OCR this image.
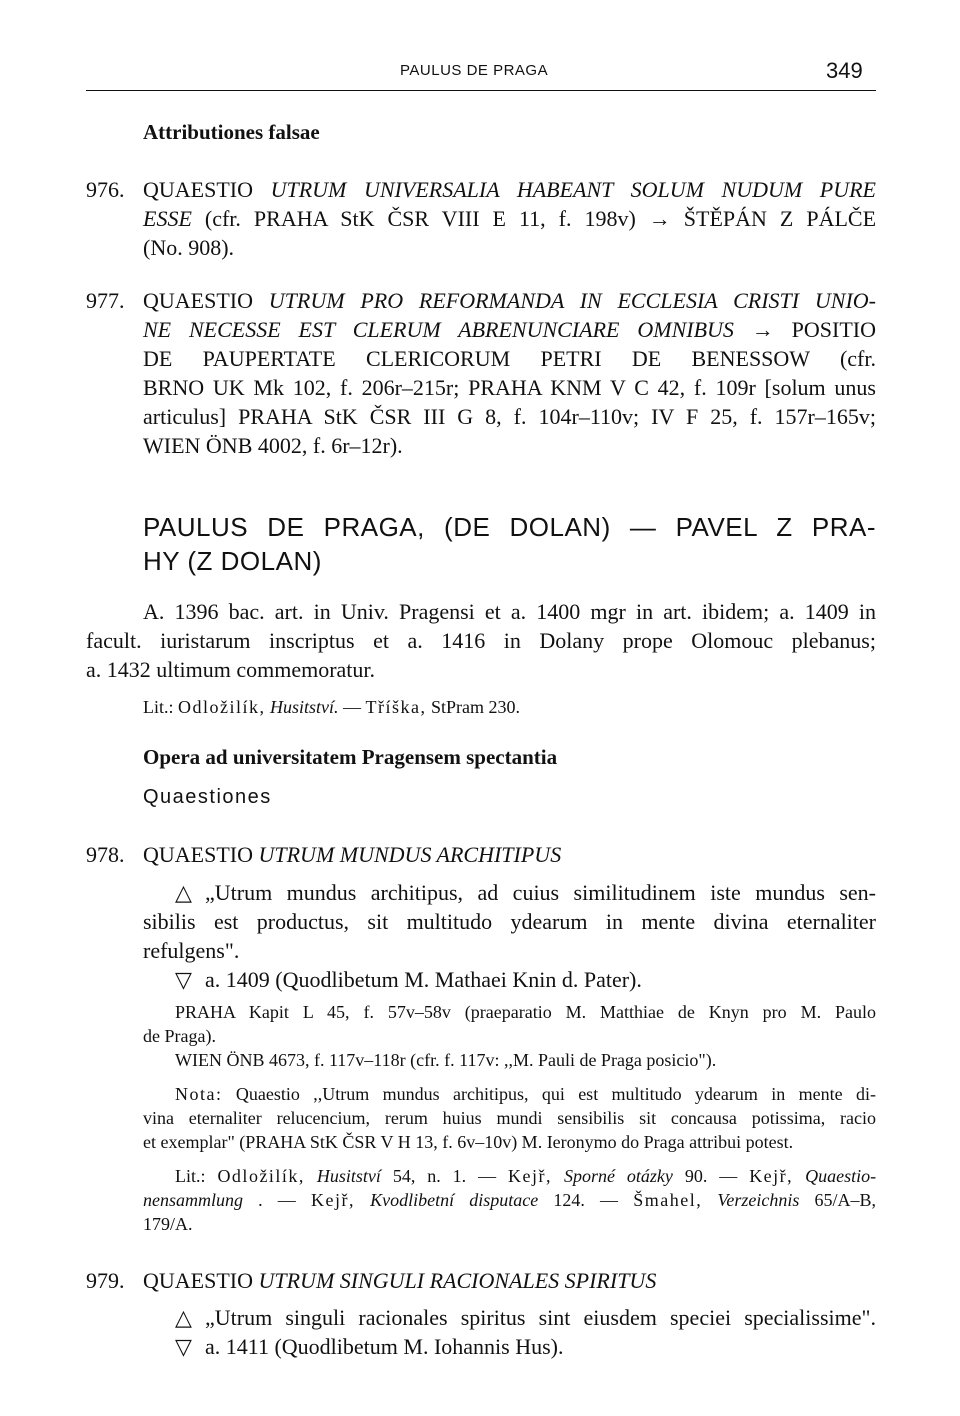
PAULUS DE PRAGA	349
Attributiones falsae
976. QUAESTIO UTRUM UNIVERSALIA HABEANT SOLUM NUDUM PURE
ESSE (cfr. PRAHA StK ČSR VIII E 11, f. 198v) → ŠTĚPÁN Z PÁLČE
(No. 908).
977. QUAESTIO UTRUM PRO REFORMANDA IN ECCLESIA CRISTI UNIO-
NE NECESSE EST CLERUM ABRENUNCIARE OMNIBUS → POSITIO
DE PAUPERTATE CLERICORUM PETRI DE BENESSOW (cfr.
BRNO UK Mk 102, f. 206r–215r; PRAHA KNM V C 42, f. 109r [solum unus
articulus] PRAHA StK ČSR III G 8, f. 104r–110v; IV F 25, f. 157r–165v;
WIEN ÖNB 4002, f. 6r–12r).
PAULUS DE PRAGA, (DE DOLAN) — PAVEL Z PRA-
HY (Z DOLAN)
A. 1396 bac. art. in Univ. Pragensi et a. 1400 mgr in art. ibidem; a. 1409 in
facult. iuristarum inscriptus et a. 1416 in Dolany prope Olomouc plebanus;
a. 1432 ultimum commemoratur.
Lit.: Odložilík, Husitství. — Tříška, StPram 230.
Opera ad universitatem Pragensem spectantia
Quaestiones
978. QUAESTIO UTRUM MUNDUS ARCHITIPUS
△ „Utrum mundus architipus, ad cuius similitudinem iste mundus sen-
sibilis est productus, sit multitudo ydearum in mente divina eternaliter
refulgens".
▽ a. 1409 (Quodlibetum M. Mathaei Knin d. Pater).
PRAHA Kapit L 45, f. 57v–58v (praeparatio M. Matthiae de Knyn pro M. Paulo
de Praga).
WIEN ÖNB 4673, f. 117v–118r (cfr. f. 117v: ,,M. Pauli de Praga posicio").
Nota: Quaestio ,,Utrum mundus architipus, qui est multitudo ydearum in mente di-
vina eternaliter relucencium, rerum huius mundi sensibilis sit concausa potissima, racio
et exemplar" (PRAHA StK ČSR V H 13, f. 6v–10v) M. Ieronymo do Praga attribui potest.
Lit.: Odložilík, Husitství 54, n. 1. — Kejř, Sporné otázky 90. — Kejř, Quaestio-
nensammlung . — Kejř, Kvodlibetní disputace 124. — Šmahel, Verzeichnis 65/A–B,
179/A.
979. QUAESTIO UTRUM SINGULI RACIONALES SPIRITUS
△ „Utrum singuli racionales spiritus sint eiusdem speciei specialissime".
▽ a. 1411 (Quodlibetum M. Iohannis Hus).
